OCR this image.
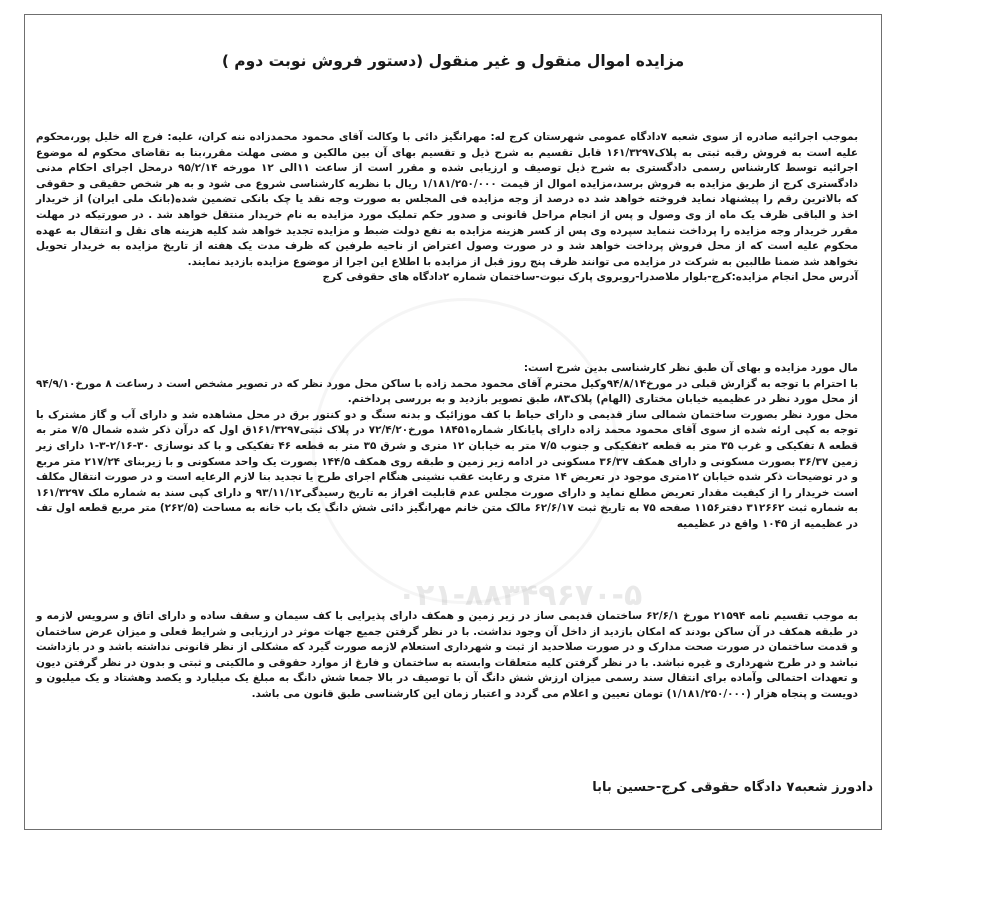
۰۲۱-۸۸۳۴۹۶۷۰-۵
مزایده اموال منقول و غیر منقول (دستور فروش نوبت دوم )

بموجب اجرائیه صادره از سوی شعبه ۷دادگاه عمومی شهرستان کرج له: مهرانگیز دائی با وکالت آقای محمود محمدزاده ننه کران، علیه: فرج اله خلیل پور،محکوم علیه است به فروش رقبه ثبتی به پلاک۱۶۱/۳۲۹۷ قابل تقسیم به شرح ذیل و تقسیم بهای آن بین مالکین و مضی مهلت مقرر،بنا به تقاضای محکوم له موضوع اجرائیه توسط کارشناس رسمی دادگستری به شرح ذیل توصیف و ارزیابی شده و مقرر است از ساعت ۱۱الی ۱۲ مورخه ۹۵/۲/۱۴ درمحل اجرای احکام مدنی دادگستری کرج از طریق مزایده به فروش برسد،مزایده اموال از قیمت ۱/۱۸۱/۲۵۰/۰۰۰ ریال با نظریه کارشناسی شروع می شود و به هر شخص حقیقی و حقوقی که بالاترین رقم را پیشنهاد نماید فروخته خواهد شد ده درصد از وجه مزایده فی المجلس به صورت وجه نقد یا چک بانکی تضمین شده(بانک ملی ایران) از خریدار اخذ و الباقی ظرف یک ماه از وی وصول و پس از انجام مراحل قانونی و صدور حکم تملیک مورد مزایده به نام خریدار منتقل خواهد شد . در صورتیکه در مهلت مقرر خریدار وجه مزایده را پرداخت ننماید سپرده وی پس از کسر هزینه مزایده به نفع دولت ضبط و مزایده تجدید خواهد شد کلیه هزینه های نقل و انتقال به عهده محکوم علیه است که از محل فروش پرداخت خواهد شد و در صورت وصول اعتراض از ناحیه طرفین که ظرف مدت یک هفته از تاریخ مزایده به خریدار تحویل نخواهد شد ضمنا طالبین به شرکت در مزایده می توانند ظرف پنج روز قبل از مزایده با اطلاع این اجرا از موضوع مزایده بازدید نمایند.

آدرس محل انجام مزایده:کرج-بلوار ملاصدرا-روبروی پارک نبوت-ساختمان شماره ۲دادگاه های حقوقی کرج

مال مورد مزایده و بهای آن طبق نظر کارشناسی بدین شرح است:

با احترام با توجه به گزارش قبلی در مورخ۹۴/۸/۱۴وکیل محترم آقای محمود محمد زاده با ساکن محل مورد نظر که در تصویر مشخص است د رساعت ۸ مورخ۹۴/۹/۱۰ از محل مورد نظر در عظیمیه خیابان مختاری (الهام) پلاک۸۳، طبق تصویر بازدید و به بررسی پرداختم.

محل مورد نظر بصورت ساختمان شمالی ساز قدیمی و دارای حیاط با کف موزائیک و بدنه سنگ و دو کنتور برق در محل مشاهده شد و دارای آب و گاز مشترک با توجه به کپی ارئه شده از سوی آقای محمود محمد زاده دارای پایانکار شماره۱۸۴۵۱ مورخ۷۲/۴/۲۰ در پلاک ثبتی۱۶۱/۳۲۹۷ق اول که درآن ذکر شده شمال ۷/۵ متر به قطعه ۸ تفکیکی و غرب ۳۵ متر به قطعه ۲تفکیکی و جنوب ۷/۵ متر به خیابان ۱۲ متری و شرق ۳۵ متر به قطعه ۴۶ تفکیکی و با کد نوسازی ۳۰-۲/۱۶-۳-۱ دارای زیر زمین ۳۶/۳۷ بصورت مسکونی و دارای همکف ۳۶/۳۷ مسکونی در ادامه زیر زمین و طبقه روی همکف ۱۴۴/۵ بصورت یک واحد مسکونی و با زیربنای ۲۱۷/۲۴ متر مربع و در توضیحات ذکر شده خیابان ۱۲متری موجود در تعریض ۱۴ متری و رعایت عقب نشینی هنگام اجرای طرح یا تجدید بنا لازم الرعایه است و در صورت انتقال مکلف است خریدار را از کیفیت مقدار تعریض مطلع نماید و دارای صورت مجلس عدم قابلیت افراز به تاریخ رسیدگی۹۳/۱۱/۱۲ و دارای کپی سند به شماره ملک ۱۶۱/۳۲۹۷ به شماره ثبت ۳۱۲۶۶۲ دفتر۱۱۵۶ صفحه ۷۵ به تاریخ ثبت ۶۲/۶/۱۷ مالک متن خانم مهرانگیز دائی شش دانگ یک باب خانه به مساحت (۲۶۲/۵) متر مربع قطعه اول تف در عظیمیه از ۱۰۴۵ واقع در عظیمیه

به موجب تقسیم نامه ۲۱۵۹۴ مورخ ۶۲/۶/۱ ساختمان قدیمی ساز در زیر زمین و همکف دارای پذیرایی با کف سیمان و سقف ساده و دارای اتاق و سرویس لازمه و در طبقه همکف در آن ساکن بودند که امکان بازدید از داخل آن وجود نداشت. با در نظر گرفتن جمیع جهات موثر در ارزیابی و شرایط فعلی و میزان عرض ساختمان و قدمت ساختمان در صورت صحت مدارک و در صورت صلاحدید از ثبت و شهرداری استعلام لازمه صورت گیرد که مشکلی از نظر قانونی نداشته باشد و در بازداشت نباشد و در طرح شهرداری و غیره نباشد. با در نظر گرفتن کلیه متعلقات وابسته به ساختمان و فارغ از موارد حقوقی و مالکیتی و ثبتی و بدون در نظر گرفتن دیون و تعهدات احتمالی وآماده برای انتقال سند رسمی میزان ارزش شش دانگ آن با توصیف در بالا جمعا شش دانگ به مبلغ یک میلیارد و یکصد وهشتاد و یک میلیون و دویست و پنجاه هزار (۱/۱۸۱/۲۵۰/۰۰۰) تومان تعیین و اعلام می گردد و اعتبار زمان این کارشناسی طبق قانون می باشد.

دادورز شعبه۷ دادگاه حقوقی کرج-حسین بابا
